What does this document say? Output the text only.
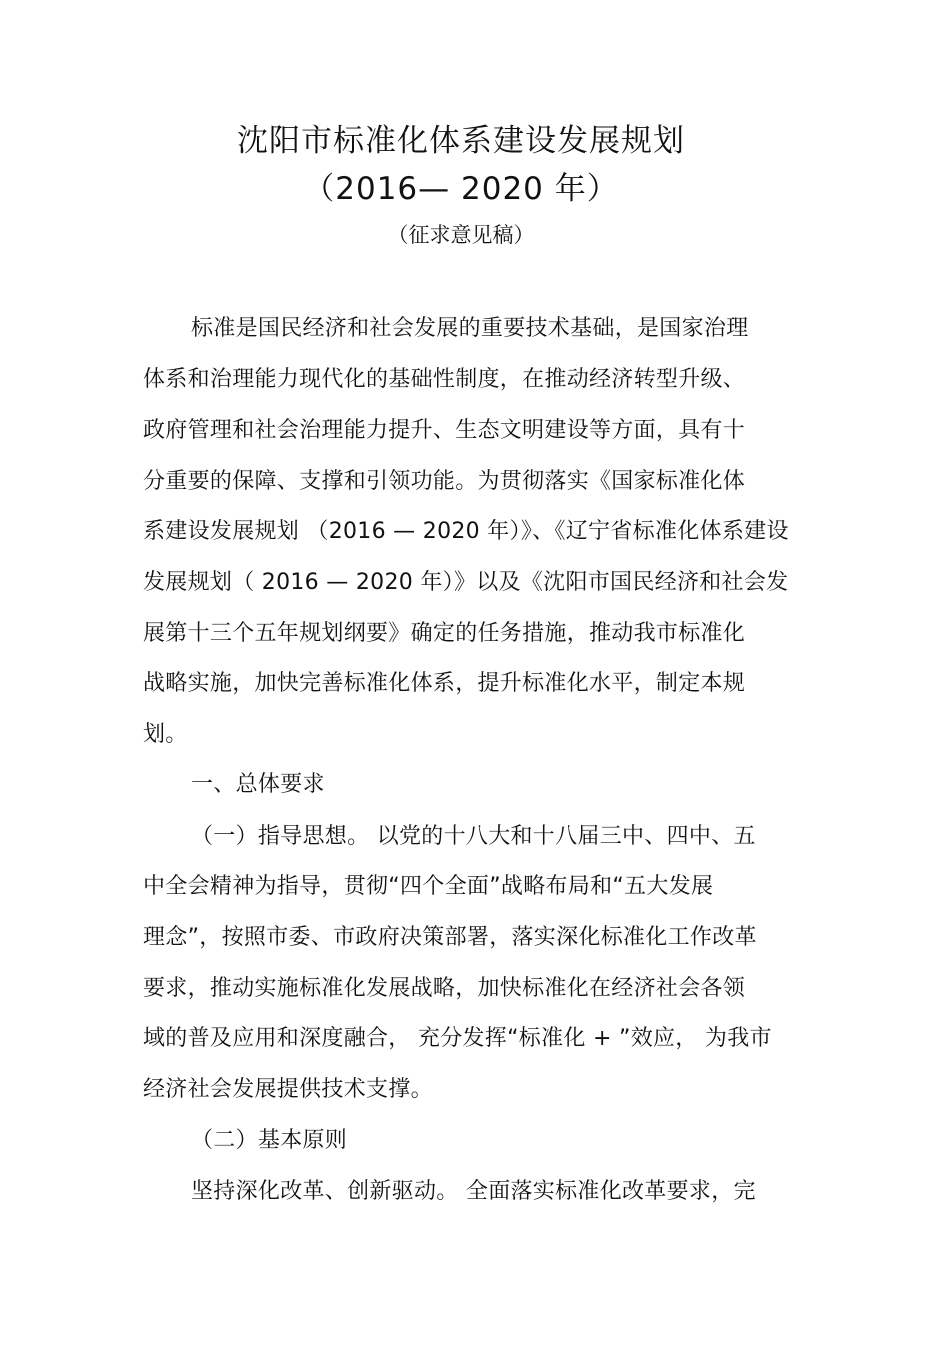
沈阳市标准化体系建设发展规划
（2016— 2020 年）
（征求意见稿）
标准是国民经济和社会发展的重要技术基础，是国家治理
体系和治理能力现代化的基础性制度，在推动经济转型升级、
政府管理和社会治理能力提升、生态文明建设等方面，具有十
分重要的保障、支撑和引领功能。为贯彻落实《国家标准化体
系建设发展规划 （2016 — 2020 年）》、《辽宁省标准化体系建设
发展规划（ 2016 — 2020 年）》以及《沈阳市国民经济和社会发
展第十三个五年规划纲要》确定的任务措施，推动我市标准化
战略实施，加快完善标准化体系，提升标准化水平，制定本规
划。
一、总体要求
（一）指导思想。 以党的十八大和十八届三中、四中、五
中全会精神为指导，贯彻“四个全面”战略布局和“五大发展
理念”，按照市委、市政府决策部署，落实深化标准化工作改革
要求，推动实施标准化发展战略，加快标准化在经济社会各领
域的普及应用和深度融合， 充分发挥“标准化 + ”效应， 为我市
经济社会发展提供技术支撑。
（二）基本原则
坚持深化改革、创新驱动。 全面落实标准化改革要求，完
